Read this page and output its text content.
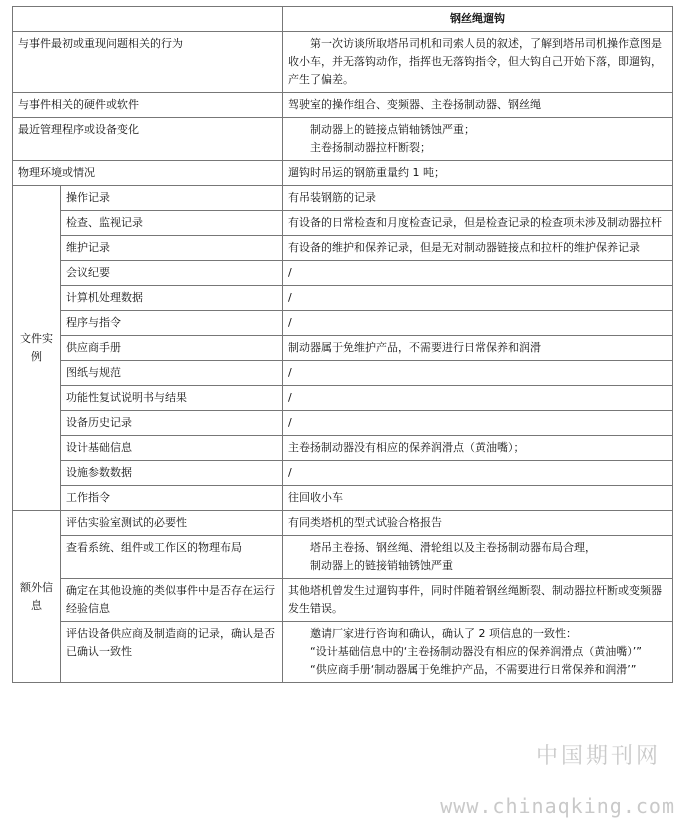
		钢丝绳遛钩
与事件最初或重现问题相关的行为		第一次访谈所取塔吊司机和司索人员的叙述，了解到塔吊司机操作意图是收小车，并无落钩动作，指挥也无落钩指令，但大钩自己开始下落，即遛钩，产生了偏差。

与事件相关的硬件或软件		驾驶室的操作组合、变频器、主卷扬制动器、钢丝绳
最近管理程序或设备变化		制动器上的链接点销轴锈蚀严重；
主卷扬制动器拉杆断裂；

物理环境或情况		遛钩时吊运的钢筋重量约 1 吨；
文件实例	操作记录	有吊装钢筋的记录
	检查、监视记录	有设备的日常检查和月度检查记录，但是检查记录的检查项未涉及制动器拉杆
	维护记录	有设备的维护和保养记录，但是无对制动器链接点和拉杆的维护保养记录
	会议纪要	/
	计算机处理数据	/
	程序与指令	/
	供应商手册	制动器属于免维护产品，不需要进行日常保养和润滑
	图纸与规范	/
	功能性复试说明书与结果	/
	设备历史记录	/
	设计基础信息	主卷扬制动器没有相应的保养润滑点（黄油嘴）；
	设施参数数据	/
	工作指令	往回收小车
额外信息	评估实验室测试的必要性	有同类塔机的型式试验合格报告
	查看系统、组件或工作区的物理布局	塔吊主卷扬、钢丝绳、滑轮组以及主卷扬制动器布局合理，
制动器上的链接销轴锈蚀严重

	确定在其他设施的类似事件中是否存在运行经验信息	其他塔机曾发生过遛钩事件，同时伴随着钢丝绳断裂、制动器拉杆断或变频器发生错误。
	评估设备供应商及制造商的记录，确认是否已确认一致性	邀请厂家进行咨询和确认，确认了 2 项信息的一致性：
“设计基础信息中的‘主卷扬制动器没有相应的保养润滑点（黄油嘴）’”
“供应商手册‘制动器属于免维护产品，不需要进行日常保养和润滑’”
中国期刊网
www.chinaqking.com
